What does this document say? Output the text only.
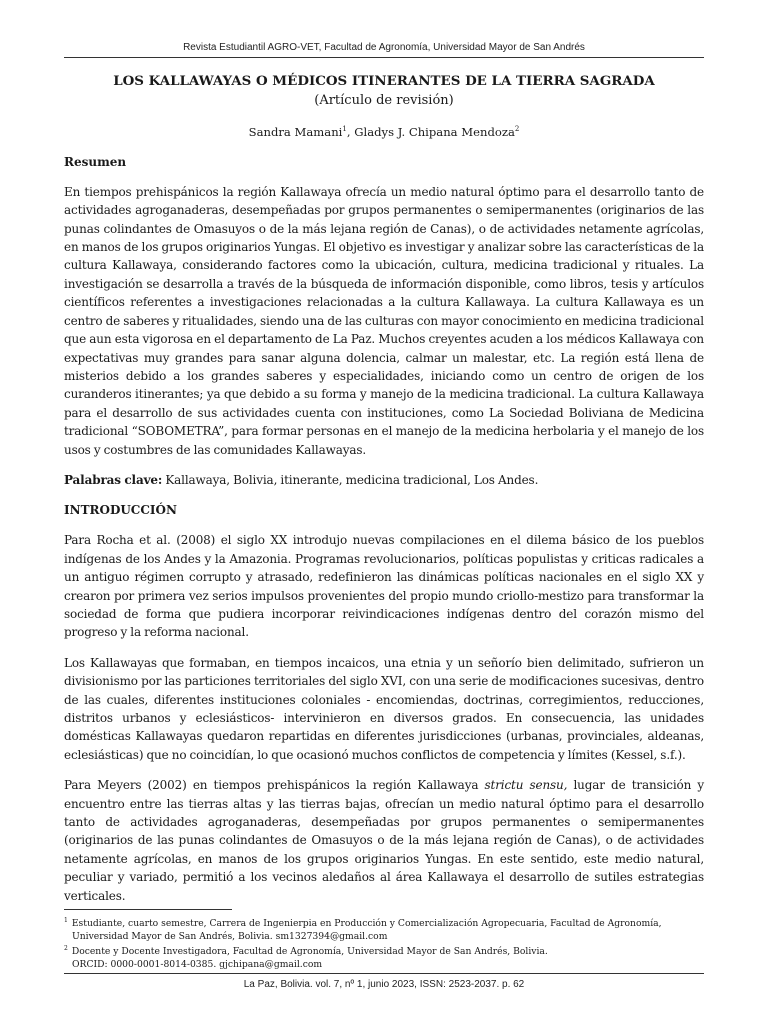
Revista Estudiantil AGRO-VET, Facultad de Agronomía, Universidad Mayor de San Andrés
LOS KALLAWAYAS O MÉDICOS ITINERANTES DE LA TIERRA SAGRADA

(Artículo de revisión)

Sandra Mamani$^1$, Gladys J. Chipana Mendoza$^2$

Resumen

En tiempos prehispánicos la región Kallawaya ofrecía un medio natural óptimo para el desarrollo tanto de actividades agroganaderas, desempeñadas por grupos permanentes o semipermanentes (originarios de las punas colindantes de Omasuyos o de la más lejana región de Canas), o de actividades netamente agrícolas, en manos de los grupos originarios Yungas. El objetivo es investigar y analizar sobre las características de la cultura Kallawaya, considerando factores como la ubicación, cultura, medicina tradicional y rituales. La investigación se desarrolla a través de la búsqueda de información disponible, como libros, tesis y artículos científicos referentes a investigaciones relacionadas a la cultura Kallawaya. La cultura Kallawaya es un centro de saberes y ritualidades, siendo una de las culturas con mayor conocimiento en medicina tradicional que aun esta vigorosa en el departamento de La Paz. Muchos creyentes acuden a los médicos Kallawaya con expectativas muy grandes para sanar alguna dolencia, calmar un malestar, etc. La región está llena de misterios debido a los grandes saberes y especialidades, iniciando como un centro de origen de los curanderos itinerantes; ya que debido a su forma y manejo de la medicina tradicional. La cultura Kallawaya para el desarrollo de sus actividades cuenta con instituciones, como La Sociedad Boliviana de Medicina tradicional “SOBOMETRA”, para formar personas en el manejo de la medicina herbolaria y el manejo de los usos y costumbres de las comunidades Kallawayas.

Palabras clave: Kallawaya, Bolivia, itinerante, medicina tradicional, Los Andes.

INTRODUCCIÓN

Para Rocha et al. (2008) el siglo XX introdujo nuevas compilaciones en el dilema básico de los pueblos indígenas de los Andes y la Amazonia. Programas revolucionarios, políticas populistas y criticas radicales a un antiguo régimen corrupto y atrasado, redefinieron las dinámicas políticas nacionales en el siglo XX y crearon por primera vez serios impulsos provenientes del propio mundo criollo-mestizo para transformar la sociedad de forma que pudiera incorporar reivindicaciones indígenas dentro del corazón mismo del progreso y la reforma nacional.

Los Kallawayas que formaban, en tiempos incaicos, una etnia y un señorío bien delimitado, sufrieron un divisionismo por las particiones territoriales del siglo XVI, con una serie de modificaciones sucesivas, dentro de las cuales, diferentes instituciones coloniales - encomiendas, doctrinas, corregimientos, reducciones, distritos urbanos y eclesiásticos- intervinieron en diversos grados. En consecuencia, las unidades domésticas Kallawayas quedaron repartidas en diferentes jurisdicciones (urbanas, provinciales, aldeanas, eclesiásticas) que no coincidían, lo que ocasionó muchos conflictos de competencia y límites (Kessel, s.f.).

Para Meyers (2002) en tiempos prehispánicos la región Kallawaya strictu sensu, lugar de transición y encuentro entre las tierras altas y las tierras bajas, ofrecían un medio natural óptimo para el desarrollo tanto de actividades agroganaderas, desempeñadas por grupos permanentes o semipermanentes (originarios de las punas colindantes de Omasuyos o de la más lejana región de Canas), o de actividades netamente agrícolas, en manos de los grupos originarios Yungas. En este sentido, este medio natural, peculiar y variado, permitió a los vecinos aledaños al área Kallawaya el desarrollo de sutiles estrategias verticales.

$^1$ Estudiante, cuarto semestre, Carrera de Ingenierpia en Producción y Comercialización Agropecuaria, Facultad de Agronomía,
Universidad Mayor de San Andrés, Bolivia. sm1327394@gmail.com

$^2$ Docente y Docente Investigadora, Facultad de Agronomía, Universidad Mayor de San Andrés, Bolivia.
ORCID: 0000-0001-8014-0385. gjchipana@gmail.com

La Paz, Bolivia. vol. 7, nº 1, junio 2023, ISSN: 2523-2037. p. 62
